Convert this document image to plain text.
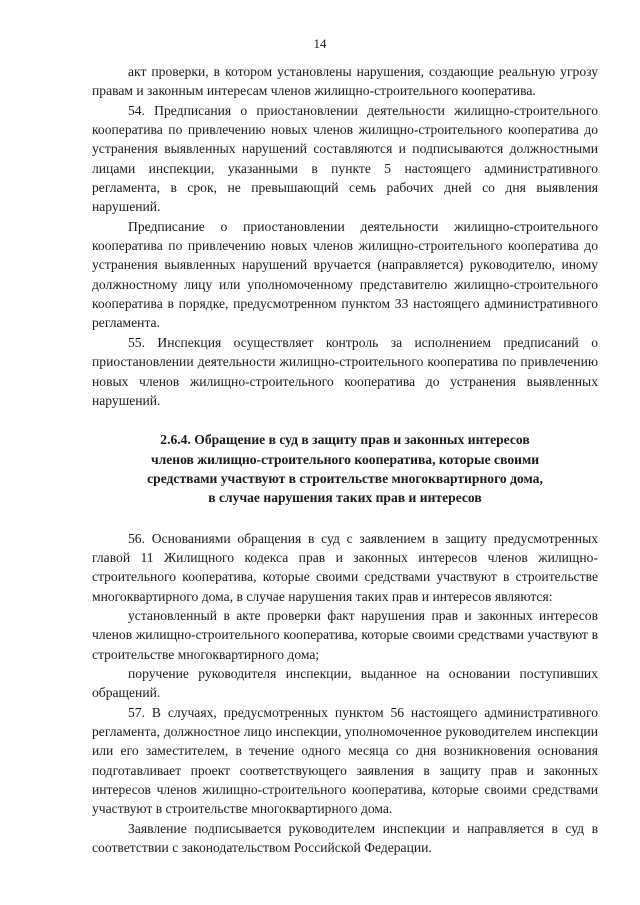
14

акт проверки, в котором установлены нарушения, создающие реальную угрозу правам и законным интересам членов жилищно-строительного кооператива.

54. Предписания о приостановлении деятельности жилищно-строительного кооператива по привлечению новых членов жилищно-строительного кооператива до устранения выявленных нарушений составляются и подписываются должностными лицами инспекции, указанными в пункте 5 настоящего административного регламента, в срок, не превышающий семь рабочих дней со дня выявления нарушений.

Предписание о приостановлении деятельности жилищно-строительного кооператива по привлечению новых членов жилищно-строительного кооператива до устранения выявленных нарушений вручается (направляется) руководителю, иному должностному лицу или уполномоченному представителю жилищно-строительного кооператива в порядке, предусмотренном пунктом 33 настоящего административного регламента.

55. Инспекция осуществляет контроль за исполнением предписаний о приостановлении деятельности жилищно-строительного кооператива по привлечению новых членов жилищно-строительного кооператива до устранения выявленных нарушений.

2.6.4. Обращение в суд в защиту прав и законных интересов
членов жилищно-строительного кооператива, которые своими
средствами участвуют в строительстве многоквартирного дома,
в случае нарушения таких прав и интересов

56. Основаниями обращения в суд с заявлением в защиту предусмотренных главой 11 Жилищного кодекса прав и законных интересов членов жилищно-строительного кооператива, которые своими средствами участвуют в строительстве многоквартирного дома, в случае нарушения таких прав и интересов являются:

установленный в акте проверки факт нарушения прав и законных интересов членов жилищно-строительного кооператива, которые своими средствами участвуют в строительстве многоквартирного дома;

поручение руководителя инспекции, выданное на основании поступивших обращений.

57. В случаях, предусмотренных пунктом 56 настоящего административного регламента, должностное лицо инспекции, уполномоченное руководителем инспекции или его заместителем, в течение одного месяца со дня возникновения основания подготавливает проект соответствующего заявления в защиту прав и законных интересов членов жилищно-строительного кооператива, которые своими средствами участвуют в строительстве многоквартирного дома.

Заявление подписывается руководителем инспекции и направляется в суд в соответствии с законодательством Российской Федерации.
